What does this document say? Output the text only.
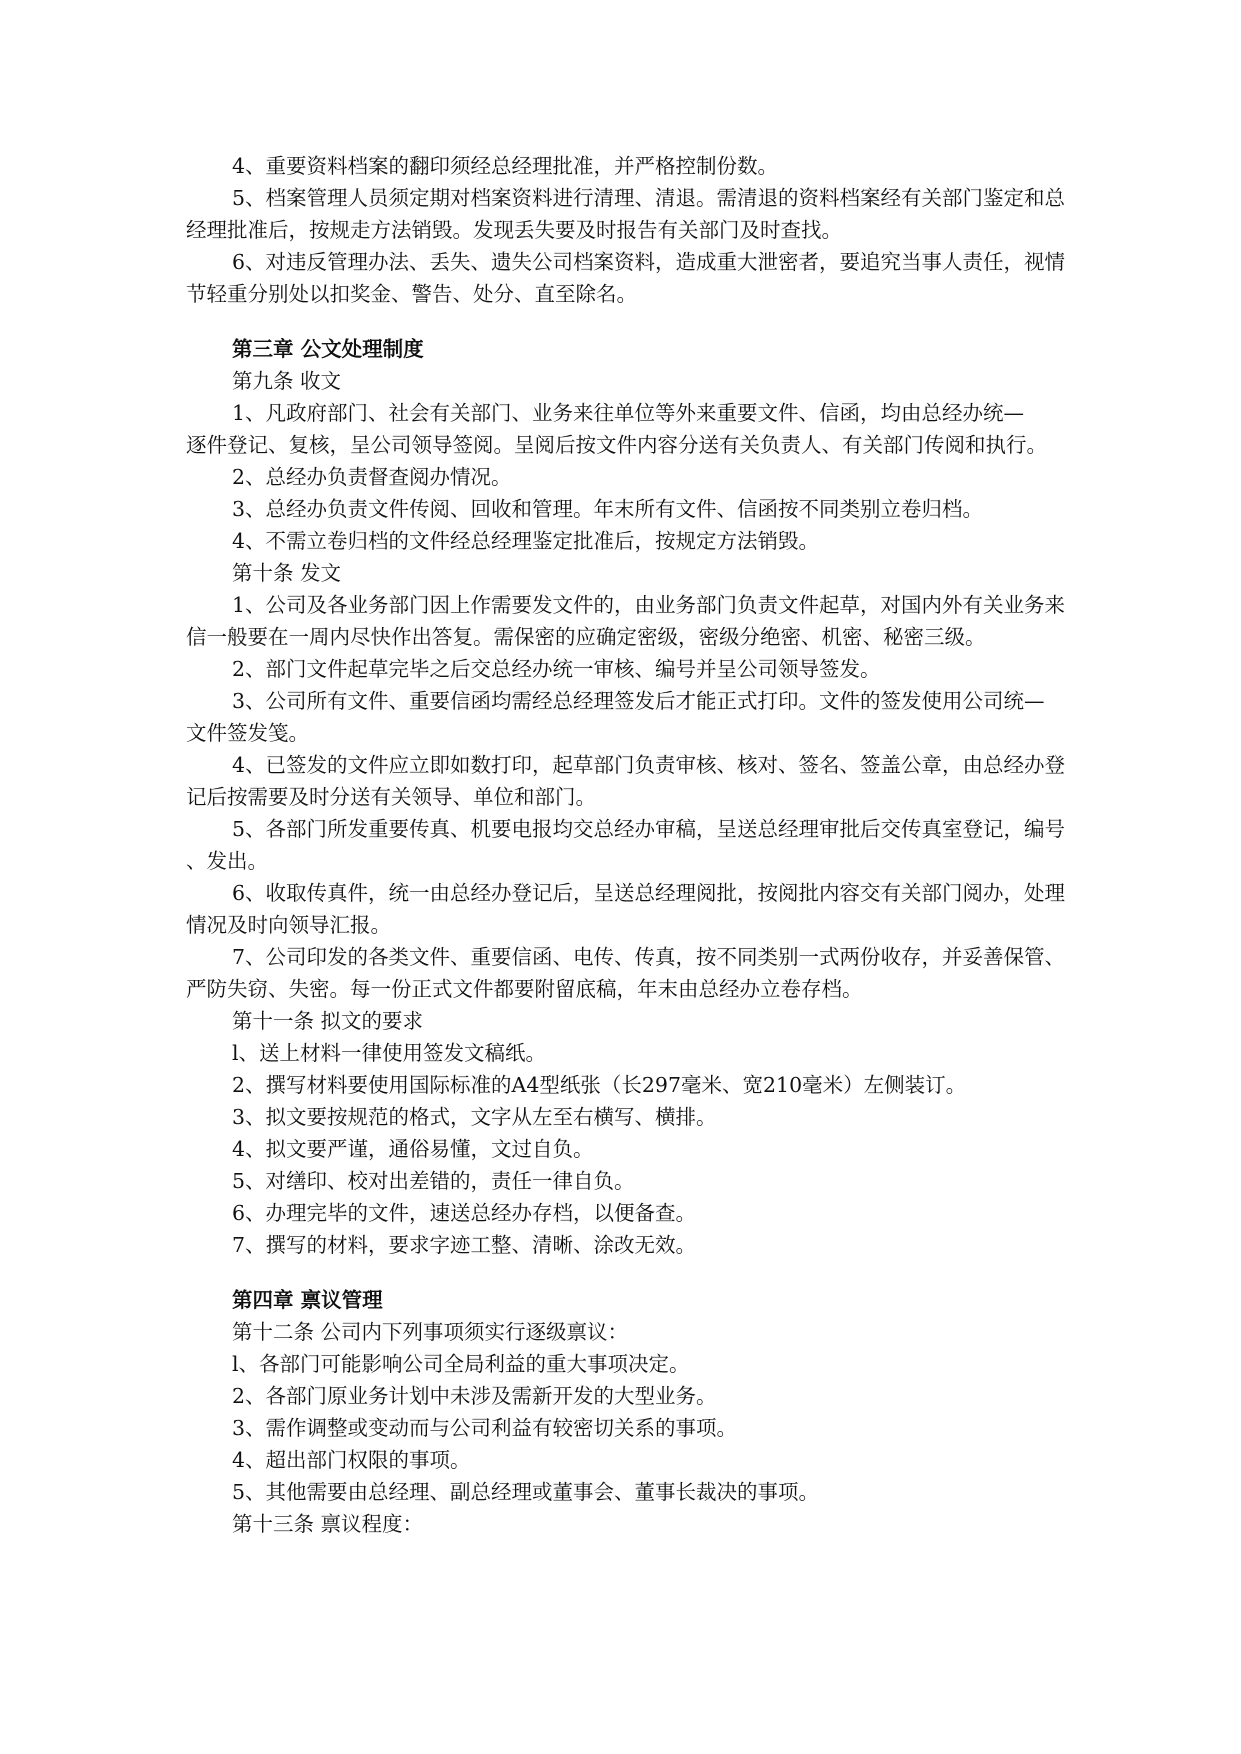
4、重要资料档案的翻印须经总经理批准，并严格控制份数。
5、档案管理人员须定期对档案资料进行清理、清退。需清退的资料档案经有关部门鉴定和总
经理批准后，按规走方法销毁。发现丢失要及时报告有关部门及时查找。
6、对违反管理办法、丢失、遗失公司档案资料，造成重大泄密者，要追究当事人责任，视情
节轻重分别处以扣奖金、警告、处分、直至除名。
第三章 公文处理制度
第九条 收文
1、凡政府部门、社会有关部门、业务来往单位等外来重要文件、信函，均由总经办统—
逐件登记、复核，呈公司领导签阅。呈阅后按文件内容分送有关负责人、有关部门传阅和执行。
2、总经办负责督查阅办情况。
3、总经办负责文件传阅、回收和管理。年末所有文件、信函按不同类别立卷归档。
4、不需立卷归档的文件经总经理鉴定批准后，按规定方法销毁。
第十条 发文
1、公司及各业务部门因上作需要发文件的，由业务部门负责文件起草，对国内外有关业务来
信一般要在一周内尽快作出答复。需保密的应确定密级，密级分绝密、机密、秘密三级。
2、部门文件起草完毕之后交总经办统一审核、编号并呈公司领导签发。
3、公司所有文件、重要信函均需经总经理签发后才能正式打印。文件的签发使用公司统—
文件签发笺。
4、已签发的文件应立即如数打印，起草部门负责审核、核对、签名、签盖公章，由总经办登
记后按需要及时分送有关领导、单位和部门。
5、各部门所发重要传真、机要电报均交总经办审稿，呈送总经理审批后交传真室登记，编号
、发出。
6、收取传真件，统一由总经办登记后，呈送总经理阅批，按阅批内容交有关部门阅办，处理
情况及时向领导汇报。
7、公司印发的各类文件、重要信函、电传、传真，按不同类别一式两份收存，并妥善保管、
严防失窃、失密。每一份正式文件都要附留底稿，年末由总经办立卷存档。
第十一条 拟文的要求
l、送上材料一律使用签发文稿纸。
2、撰写材料要使用国际标准的A4型纸张（长297毫米、宽210毫米）左侧装订。
3、拟文要按规范的格式，文字从左至右横写、横排。
4、拟文要严谨，通俗易懂，文过自负。
5、对缮印、校对出差错的，责任一律自负。
6、办理完毕的文件，速送总经办存档，以便备查。
7、撰写的材料，要求字迹工整、清晰、涂改无效。
第四章 禀议管理
第十二条 公司内下列事项须实行逐级禀议：
l、各部门可能影响公司全局利益的重大事项决定。
2、各部门原业务计划中未涉及需新开发的大型业务。
3、需作调整或变动而与公司利益有较密切关系的事项。
4、超出部门权限的事项。
5、其他需要由总经理、副总经理或董事会、董事长裁决的事项。
第十三条 禀议程度：
